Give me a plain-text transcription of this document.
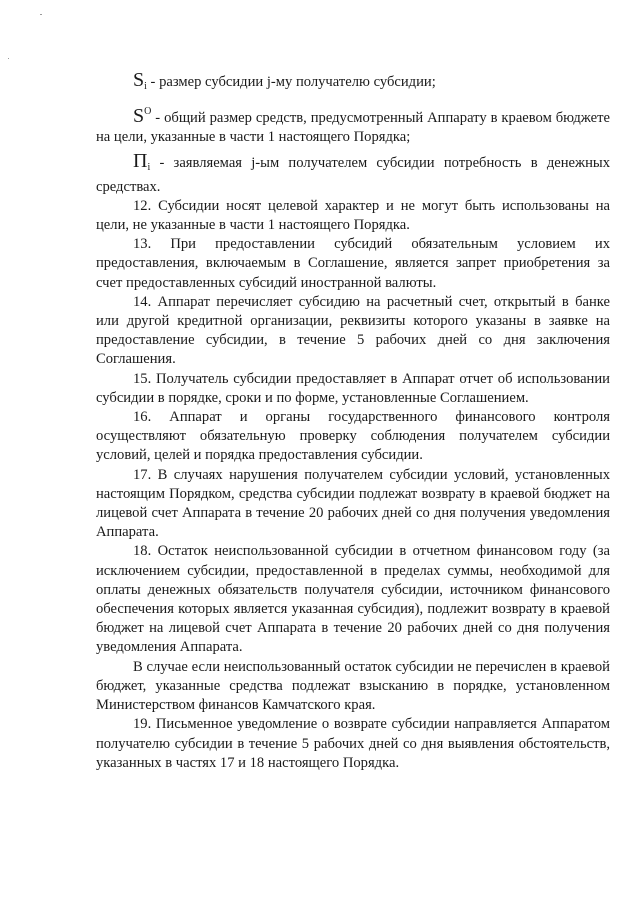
$S_i$ - размер субсидии j-му получателю субсидии;

$S^O$ - общий размер средств, предусмотренный Аппарату в краевом бюджете на цели, указанные в части 1 настоящего Порядка;

$П_i$ - заявляемая j-ым получателем субсидии потребность в денежных средствах.

12. Субсидии носят целевой характер и не могут быть использованы на цели, не указанные в части 1 настоящего Порядка.

13. При предоставлении субсидий обязательным условием их предоставления, включаемым в Соглашение, является запрет приобретения за счет предоставленных субсидий иностранной валюты.

14. Аппарат перечисляет субсидию на расчетный счет, открытый в банке или другой кредитной организации, реквизиты которого указаны в заявке на предоставление субсидии, в течение 5 рабочих дней со дня заключения Соглашения.

15. Получатель субсидии предоставляет в Аппарат отчет об использовании субсидии в порядке, сроки и по форме, установленные Соглашением.

16. Аппарат и органы государственного финансового контроля осуществляют обязательную проверку соблюдения получателем субсидии условий, целей и порядка предоставления субсидии.

17. В случаях нарушения получателем субсидии условий, установленных настоящим Порядком, средства субсидии подлежат возврату в краевой бюджет на лицевой счет Аппарата в течение 20 рабочих дней со дня получения уведомления Аппарата.

18. Остаток неиспользованной субсидии в отчетном финансовом году (за исключением субсидии, предоставленной в пределах суммы, необходимой для оплаты денежных обязательств получателя субсидии, источником финансового обеспечения которых является указанная субсидия), подлежит возврату в краевой бюджет на лицевой счет Аппарата в течение 20 рабочих дней со дня получения уведомления Аппарата.

В случае если неиспользованный остаток субсидии не перечислен в краевой бюджет, указанные средства подлежат взысканию в порядке, установленном Министерством финансов Камчатского края.

19. Письменное уведомление о возврате субсидии направляется Аппаратом получателю субсидии в течение 5 рабочих дней со дня выявления обстоятельств, указанных в частях 17 и 18 настоящего Порядка.
